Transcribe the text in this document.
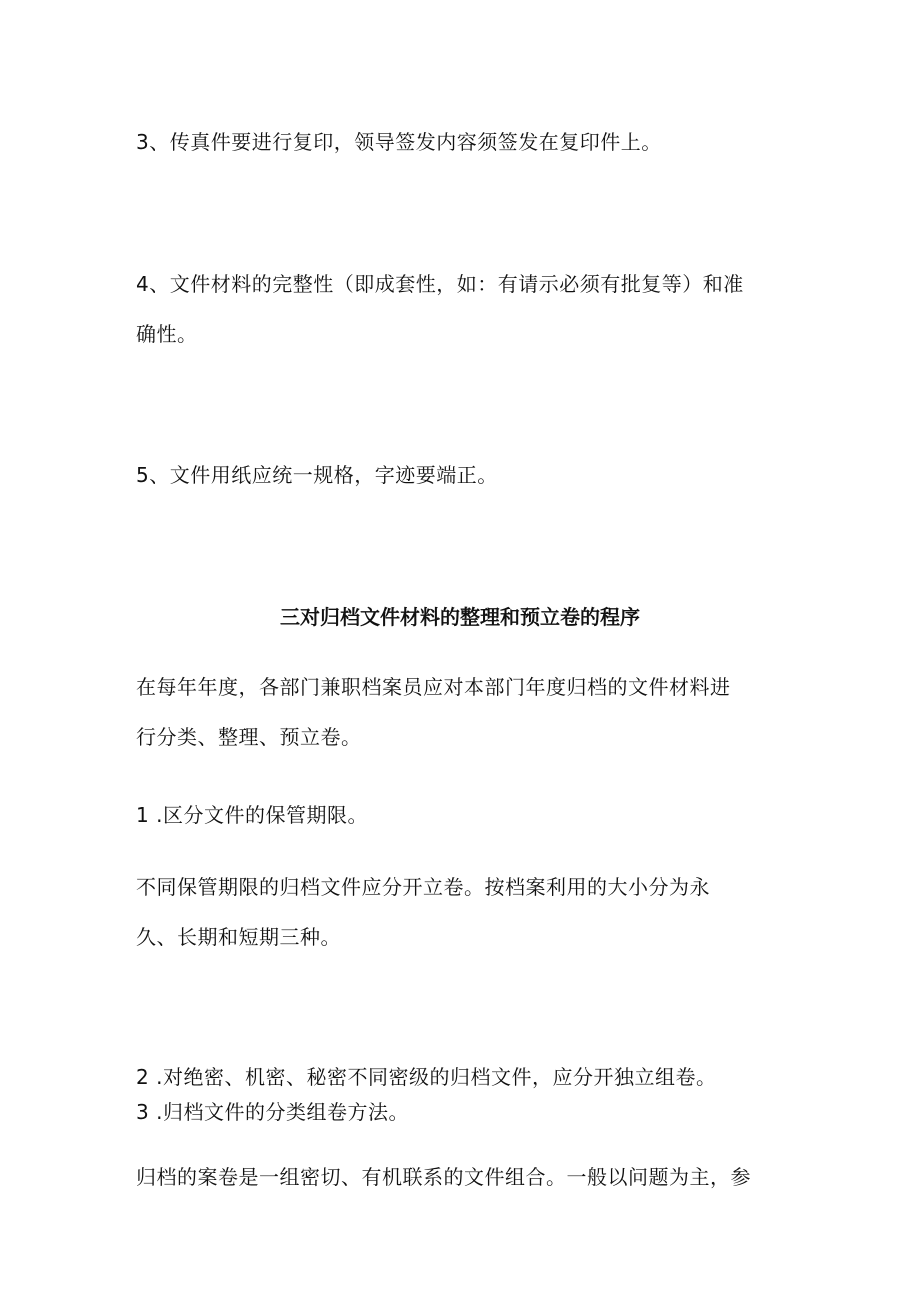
3、传真件要进行复印，领导签发内容须签发在复印件上。
4、文件材料的完整性（即成套性，如：有请示必须有批复等）和准
确性。
5、文件用纸应统一规格，字迹要端正。
三对归档文件材料的整理和预立卷的程序
在每年年度，各部门兼职档案员应对本部门年度归档的文件材料进
行分类、整理、预立卷。
1 .区分文件的保管期限。
不同保管期限的归档文件应分开立卷。按档案利用的大小分为永
久、长期和短期三种。
2 .对绝密、机密、秘密不同密级的归档文件，应分开独立组卷。
3 .归档文件的分类组卷方法。
归档的案卷是一组密切、有机联系的文件组合。一般以问题为主，参
